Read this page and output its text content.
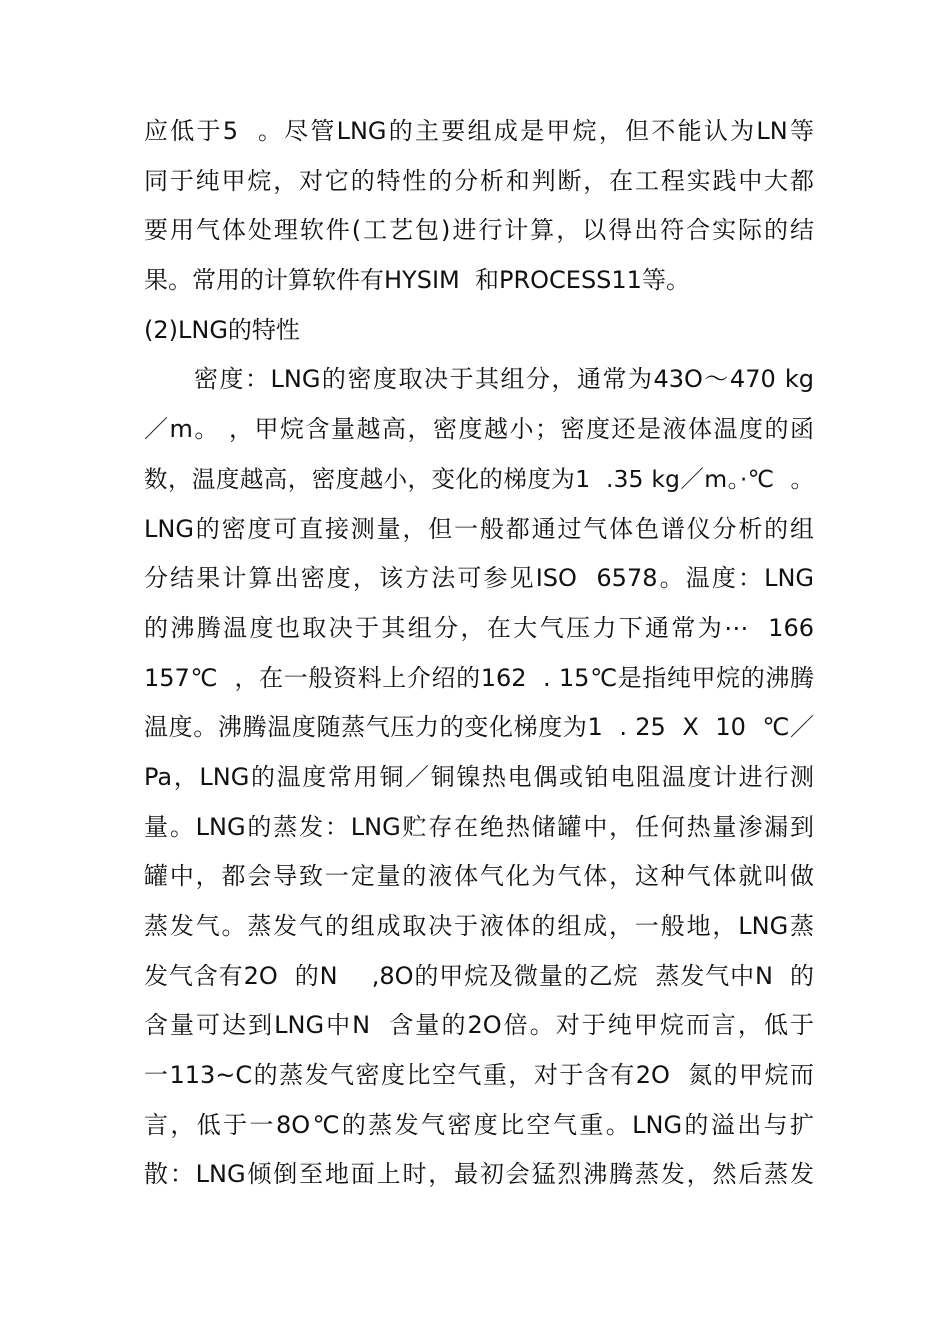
应低于5  。尽管LNG的主要组成是甲烷，但不能认为LN等
同于纯甲烷，对它的特性的分析和判断，在工程实践中大都
要用气体处理软件(工艺包)进行计算，以得出符合实际的结
果。常用的计算软件有HYSIM  和PROCESS11等。
(2)LNG的特性
密度：LNG的密度取决于其组分，通常为43O～470 kg
／m。 ，甲烷含量越高，密度越小；密度还是液体温度的函
数，温度越高，密度越小，变化的梯度为1  .35 kg／m。·℃  。
LNG的密度可直接测量，但一般都通过气体色谱仪分析的组
分结果计算出密度，该方法可参见ISO  6578。温度：LNG
的沸腾温度也取决于其组分，在大气压力下通常为⋯  166
157℃  ，在一般资料上介绍的162  . 15℃是指纯甲烷的沸腾
温度。沸腾温度随蒸气压力的变化梯度为1  . 25  X  10  ℃／
Pa，LNG的温度常用铜／铜镍热电偶或铂电阻温度计进行测
量。LNG的蒸发：LNG贮存在绝热储罐中，任何热量渗漏到
罐中，都会导致一定量的液体气化为气体，这种气体就叫做
蒸发气。蒸发气的组成取决于液体的组成，一般地，LNG蒸
发气含有2O  的N    ,8O的甲烷及微量的乙烷  蒸发气中N  的
含量可达到LNG中N  含量的2O倍。对于纯甲烷而言，低于
一113~C的蒸发气密度比空气重，对于含有2O  氮的甲烷而
言，低于一8O℃的蒸发气密度比空气重。LNG的溢出与扩
散：LNG倾倒至地面上时，最初会猛烈沸腾蒸发，然后蒸发
